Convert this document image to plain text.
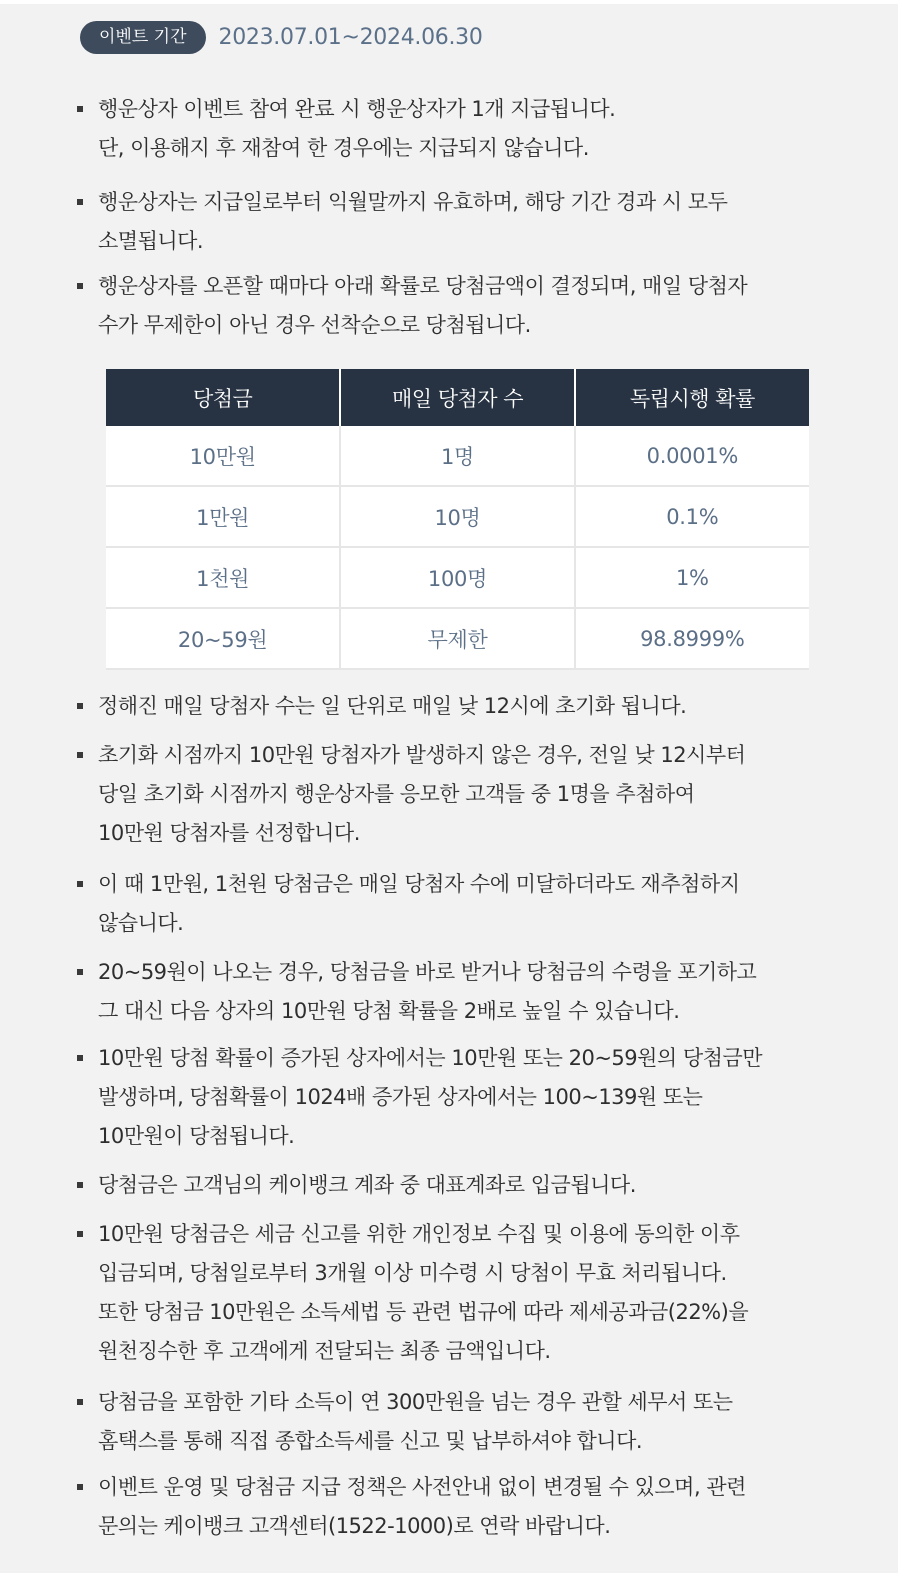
이벤트 기간	2023.07.01~2024.06.30
행운상자 이벤트 참여 완료 시 행운상자가 1개 지급됩니다.
단, 이용해지 후 재참여 한 경우에는 지급되지 않습니다.
행운상자는 지급일로부터 익월말까지 유효하며, 해당 기간 경과 시 모두
소멸됩니다.
행운상자를 오픈할 때마다 아래 확률로 당첨금액이 결정되며, 매일 당첨자
수가 무제한이 아닌 경우 선착순으로 당첨됩니다.
당첨금	매일 당첨자 수	독립시행 확률
10만원	1명	0.0001%
1만원	10명	0.1%
1천원	100명	1%
20~59원	무제한	98.8999%
정해진 매일 당첨자 수는 일 단위로 매일 낮 12시에 초기화 됩니다.
초기화 시점까지 10만원 당첨자가 발생하지 않은 경우, 전일 낮 12시부터
당일 초기화 시점까지 행운상자를 응모한 고객들 중 1명을 추첨하여
10만원 당첨자를 선정합니다.
이 때 1만원, 1천원 당첨금은 매일 당첨자 수에 미달하더라도 재추첨하지
않습니다.
20~59원이 나오는 경우, 당첨금을 바로 받거나 당첨금의 수령을 포기하고
그 대신 다음 상자의 10만원 당첨 확률을 2배로 높일 수 있습니다.
10만원 당첨 확률이 증가된 상자에서는 10만원 또는 20~59원의 당첨금만
발생하며, 당첨확률이 1024배 증가된 상자에서는 100~139원 또는
10만원이 당첨됩니다.
당첨금은 고객님의 케이뱅크 계좌 중 대표계좌로 입금됩니다.
10만원 당첨금은 세금 신고를 위한 개인정보 수집 및 이용에 동의한 이후
입금되며, 당첨일로부터 3개월 이상 미수령 시 당첨이 무효 처리됩니다.
또한 당첨금 10만원은 소득세법 등 관련 법규에 따라 제세공과금(22%)을
원천징수한 후 고객에게 전달되는 최종 금액입니다.
당첨금을 포함한 기타 소득이 연 300만원을 넘는 경우 관할 세무서 또는
홈택스를 통해 직접 종합소득세를 신고 및 납부하셔야 합니다.
이벤트 운영 및 당첨금 지급 정책은 사전안내 없이 변경될 수 있으며, 관련
문의는 케이뱅크 고객센터(1522-1000)로 연락 바랍니다.
